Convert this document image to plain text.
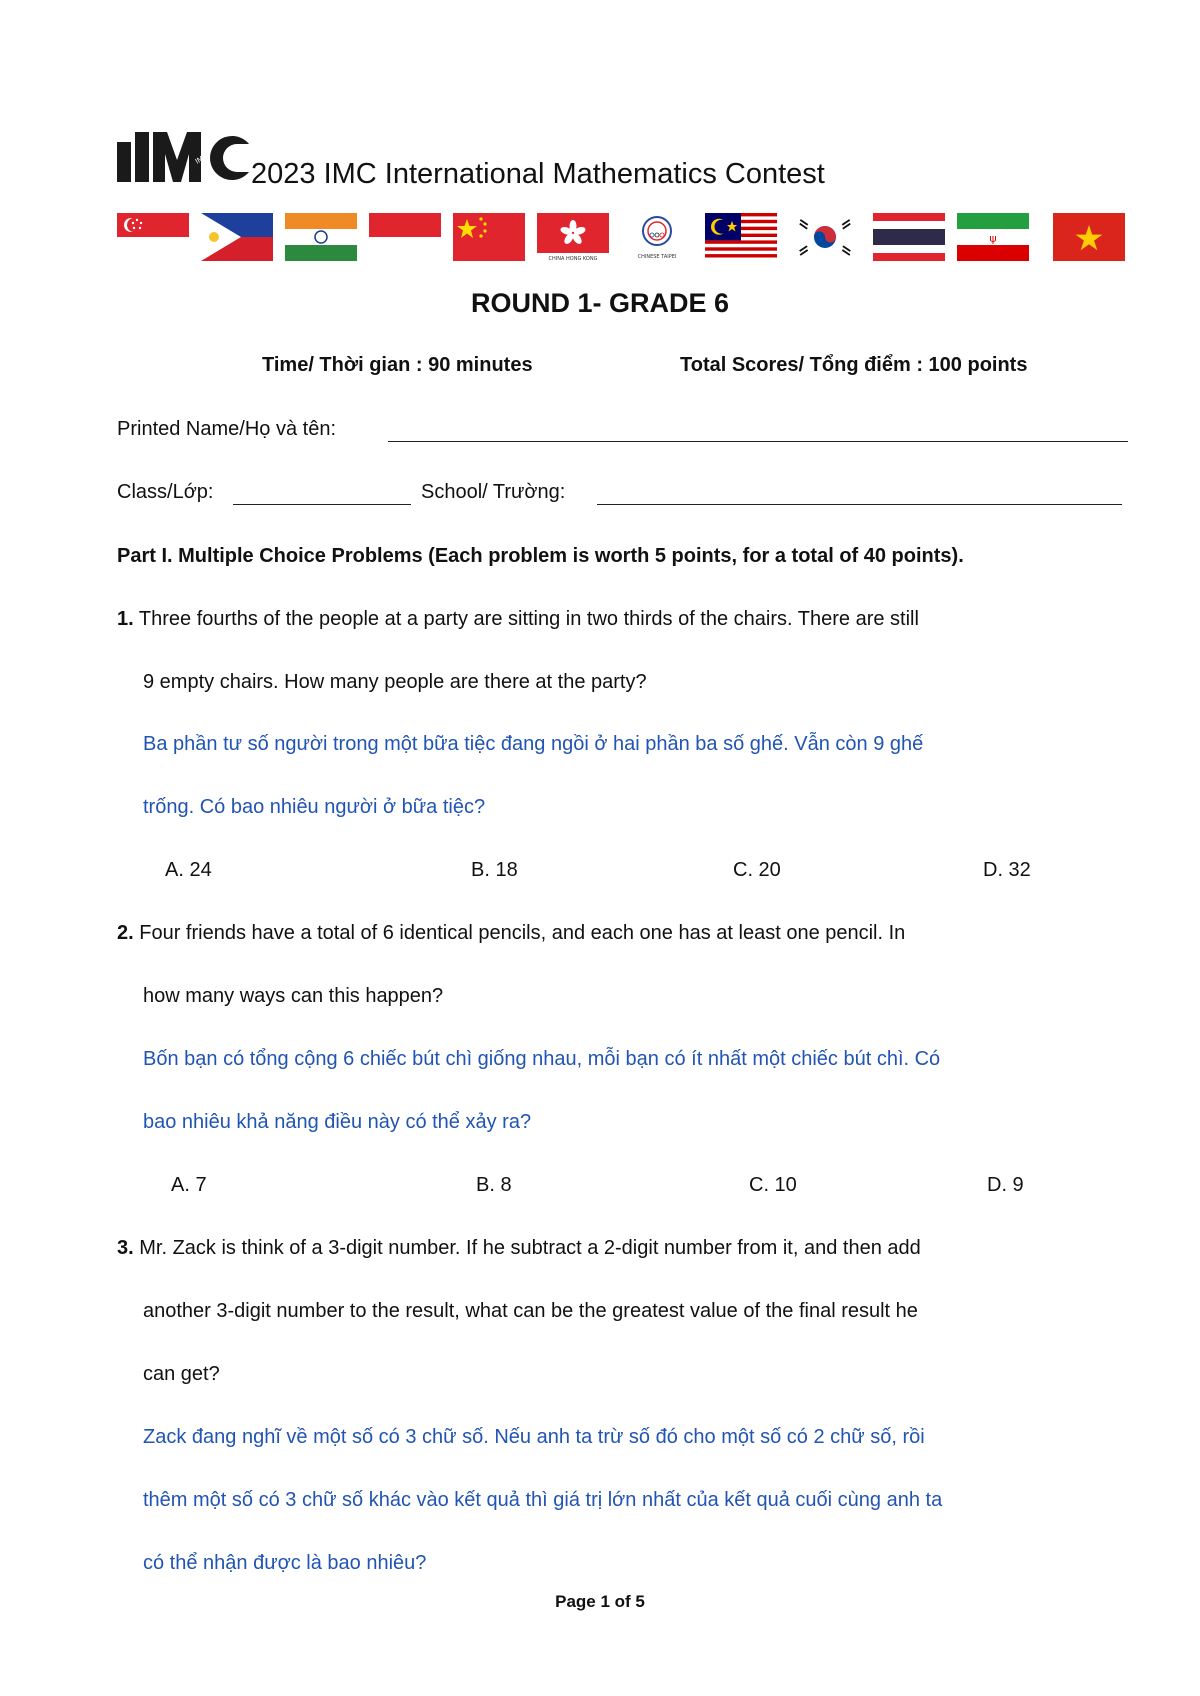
IMC 2023 IMC International Mathematics Contest
CHINA HONG KONG	CHINESE TAIPEI
ψ
ROUND 1- GRADE 6
Time/ Thời gian : 90 minutes	Total Scores/ Tổng điểm : 100 points
Printed Name/Họ và tên:
Class/Lớp:	School/ Trường:
Part I. Multiple Choice Problems (Each problem is worth 5 points, for a total of 40 points).
1. Three fourths of the people at a party are sitting in two thirds of the chairs. There are still
9 empty chairs. How many people are there at the party?
Ba phần tư số người trong một bữa tiệc đang ngồi ở hai phần ba số ghế. Vẫn còn 9 ghế
trống. Có bao nhiêu người ở bữa tiệc?
A. 24	B. 18	C. 20	D. 32
2. Four friends have a total of 6 identical pencils, and each one has at least one pencil. In
how many ways can this happen?
Bốn bạn có tổng cộng 6 chiếc bút chì giống nhau, mỗi bạn có ít nhất một chiếc bút chì. Có
bao nhiêu khả năng điều này có thể xảy ra?
A. 7	B. 8	C. 10	D. 9
3. Mr. Zack is think of a 3-digit number. If he subtract a 2-digit number from it, and then add
another 3-digit number to the result, what can be the greatest value of the final result he
can get?
Zack đang nghĩ về một số có 3 chữ số. Nếu anh ta trừ số đó cho một số có 2 chữ số, rồi
thêm một số có 3 chữ số khác vào kết quả thì giá trị lớn nhất của kết quả cuối cùng anh ta
có thể nhận được là bao nhiêu?
Page 1 of 5
